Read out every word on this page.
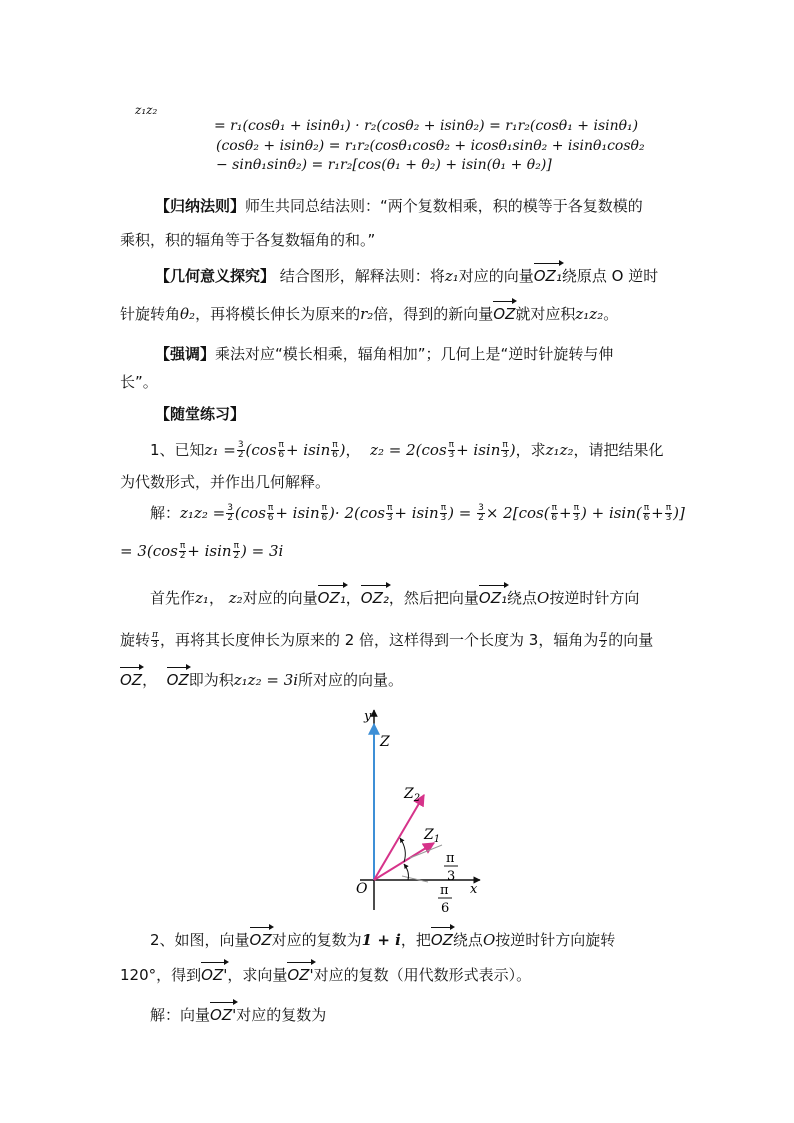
z₁z₂
= r₁(cosθ₁ + isinθ₁) · r₂(cosθ₂ + isinθ₂) = r₁r₂(cosθ₁ + isinθ₁)
(cosθ₂ + isinθ₂) = r₁r₂(cosθ₁cosθ₂ + icosθ₁sinθ₂ + isinθ₁cosθ₂
− sinθ₁sinθ₂) = r₁r₂[cos(θ₁ + θ₂) + isin(θ₁ + θ₂)]
【归纳法则】师生共同总结法则：“两个复数相乘，积的模等于各复数模的
乘积，积的辐角等于各复数辐角的和。”
【几何意义探究】 结合图形，解释法则：将z₁对应的向量OZ₁绕原点 O 逆时
针旋转角θ₂，再将模长伸长为原来的r₂倍，得到的新向量OZ就对应积z₁z₂。
【强调】乘法对应“模长相乘，辐角相加”；几何上是“逆时针旋转与伸
长”。
【随堂练习】
1、已知$z_1 = \frac{3}{2} (\cos \frac{\pi}{6} + isin \frac{\pi}{6}$ )， $z_2 = 2(\cos \frac{\pi}{3} + isin \frac{\pi}{3}$ )，求z₁z₂，请把结果化
为代数形式，并作出几何解释。
解：$z_1z_2 = \frac{3}{2} (\cos \frac{\pi}{6} + isin \frac{\pi}{6}$ )· $2(\cos \frac{\pi}{3} + isin \frac{\pi}{3}$ ) = $\frac{3}{2} \times 2[\cos( \frac{\pi}{6} + \frac{\pi}{3}$ ) + $isin( \frac{\pi}{6} + \frac{\pi}{3}$ )]
= $3(\cos \frac{\pi}{2} + isin \frac{\pi}{2}$ ) = 3i
首先作z₁， z₂对应的向量OZ₁，OZ₂，然后把向量OZ₁绕点O按逆时针方向
旋转 $\frac{\pi}{3}$ ，再将其长度伸长为原来的 2 倍，这样得到一个长度为 3，辐角为 $\frac{\pi}{2}$ 的向量
OZ， OZ即为积z₁z₂ = 3i所对应的向量。
y
Z
$Z_2$
$Z_1$
π
3
π
6
O	x
2、如图，向量OZ对应的复数为1 + i，把OZ绕点O按逆时针方向旋转
120°，得到OZ'，求向量OZ'对应的复数（用代数形式表示）。
解：向量OZ'对应的复数为
